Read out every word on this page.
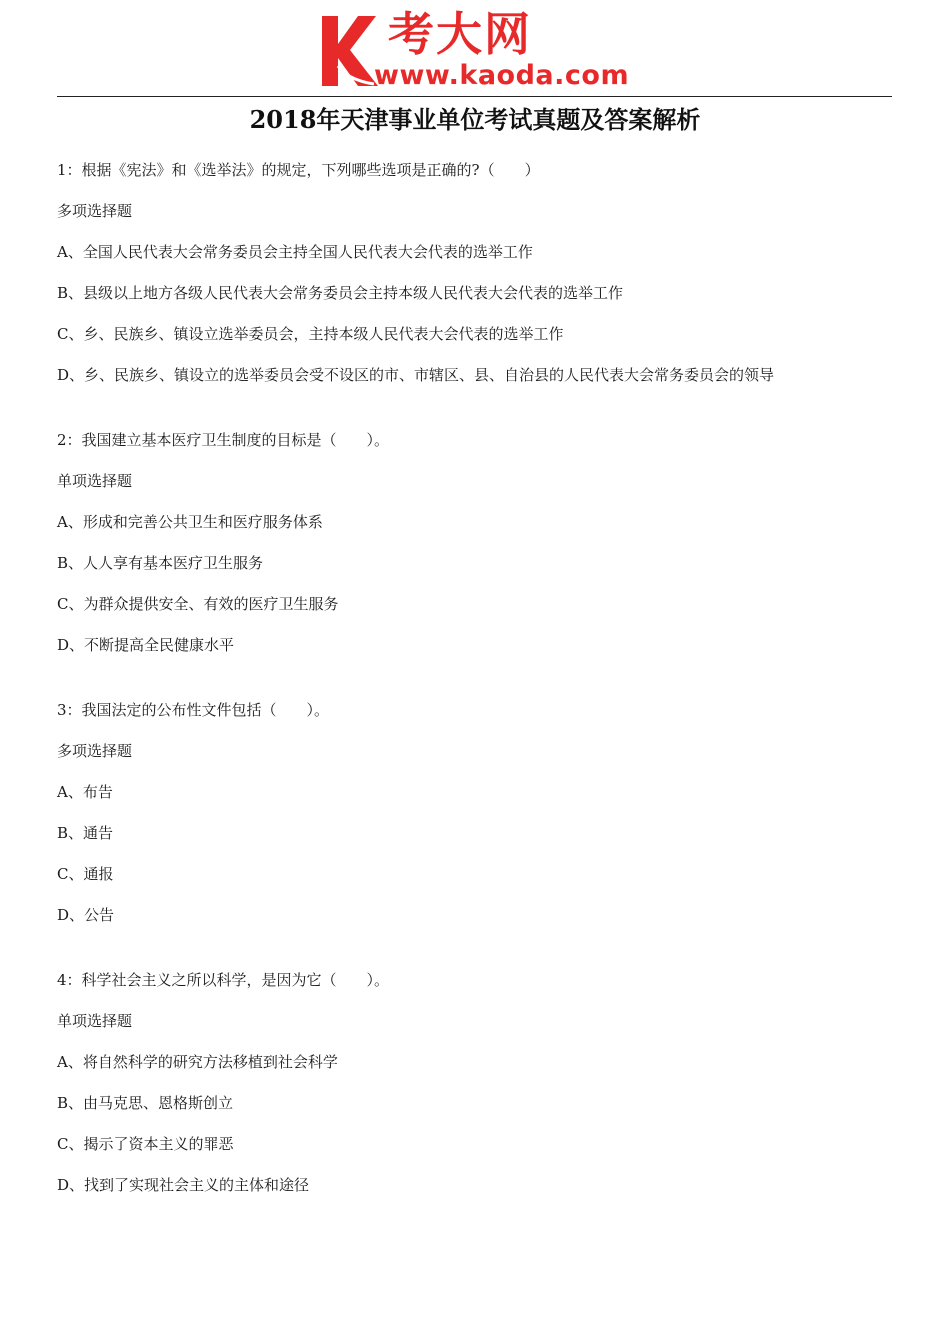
考大网
www.kaoda.com
2018年天津事业单位考试真题及答案解析
1：根据《宪法》和《选举法》的规定，下列哪些选项是正确的?（　　）
多项选择题
A、全国人民代表大会常务委员会主持全国人民代表大会代表的选举工作
B、县级以上地方各级人民代表大会常务委员会主持本级人民代表大会代表的选举工作
C、乡、民族乡、镇设立选举委员会，主持本级人民代表大会代表的选举工作
D、乡、民族乡、镇设立的选举委员会受不设区的市、市辖区、县、自治县的人民代表大会常务委员会的领导
2：我国建立基本医疗卫生制度的目标是（　　）。
单项选择题
A、形成和完善公共卫生和医疗服务体系
B、人人享有基本医疗卫生服务
C、为群众提供安全、有效的医疗卫生服务
D、不断提高全民健康水平
3：我国法定的公布性文件包括（　　）。
多项选择题
A、布告
B、通告
C、通报
D、公告
4：科学社会主义之所以科学，是因为它（　　）。
单项选择题
A、将自然科学的研究方法移植到社会科学
B、由马克思、恩格斯创立
C、揭示了资本主义的罪恶
D、找到了实现社会主义的主体和途径
